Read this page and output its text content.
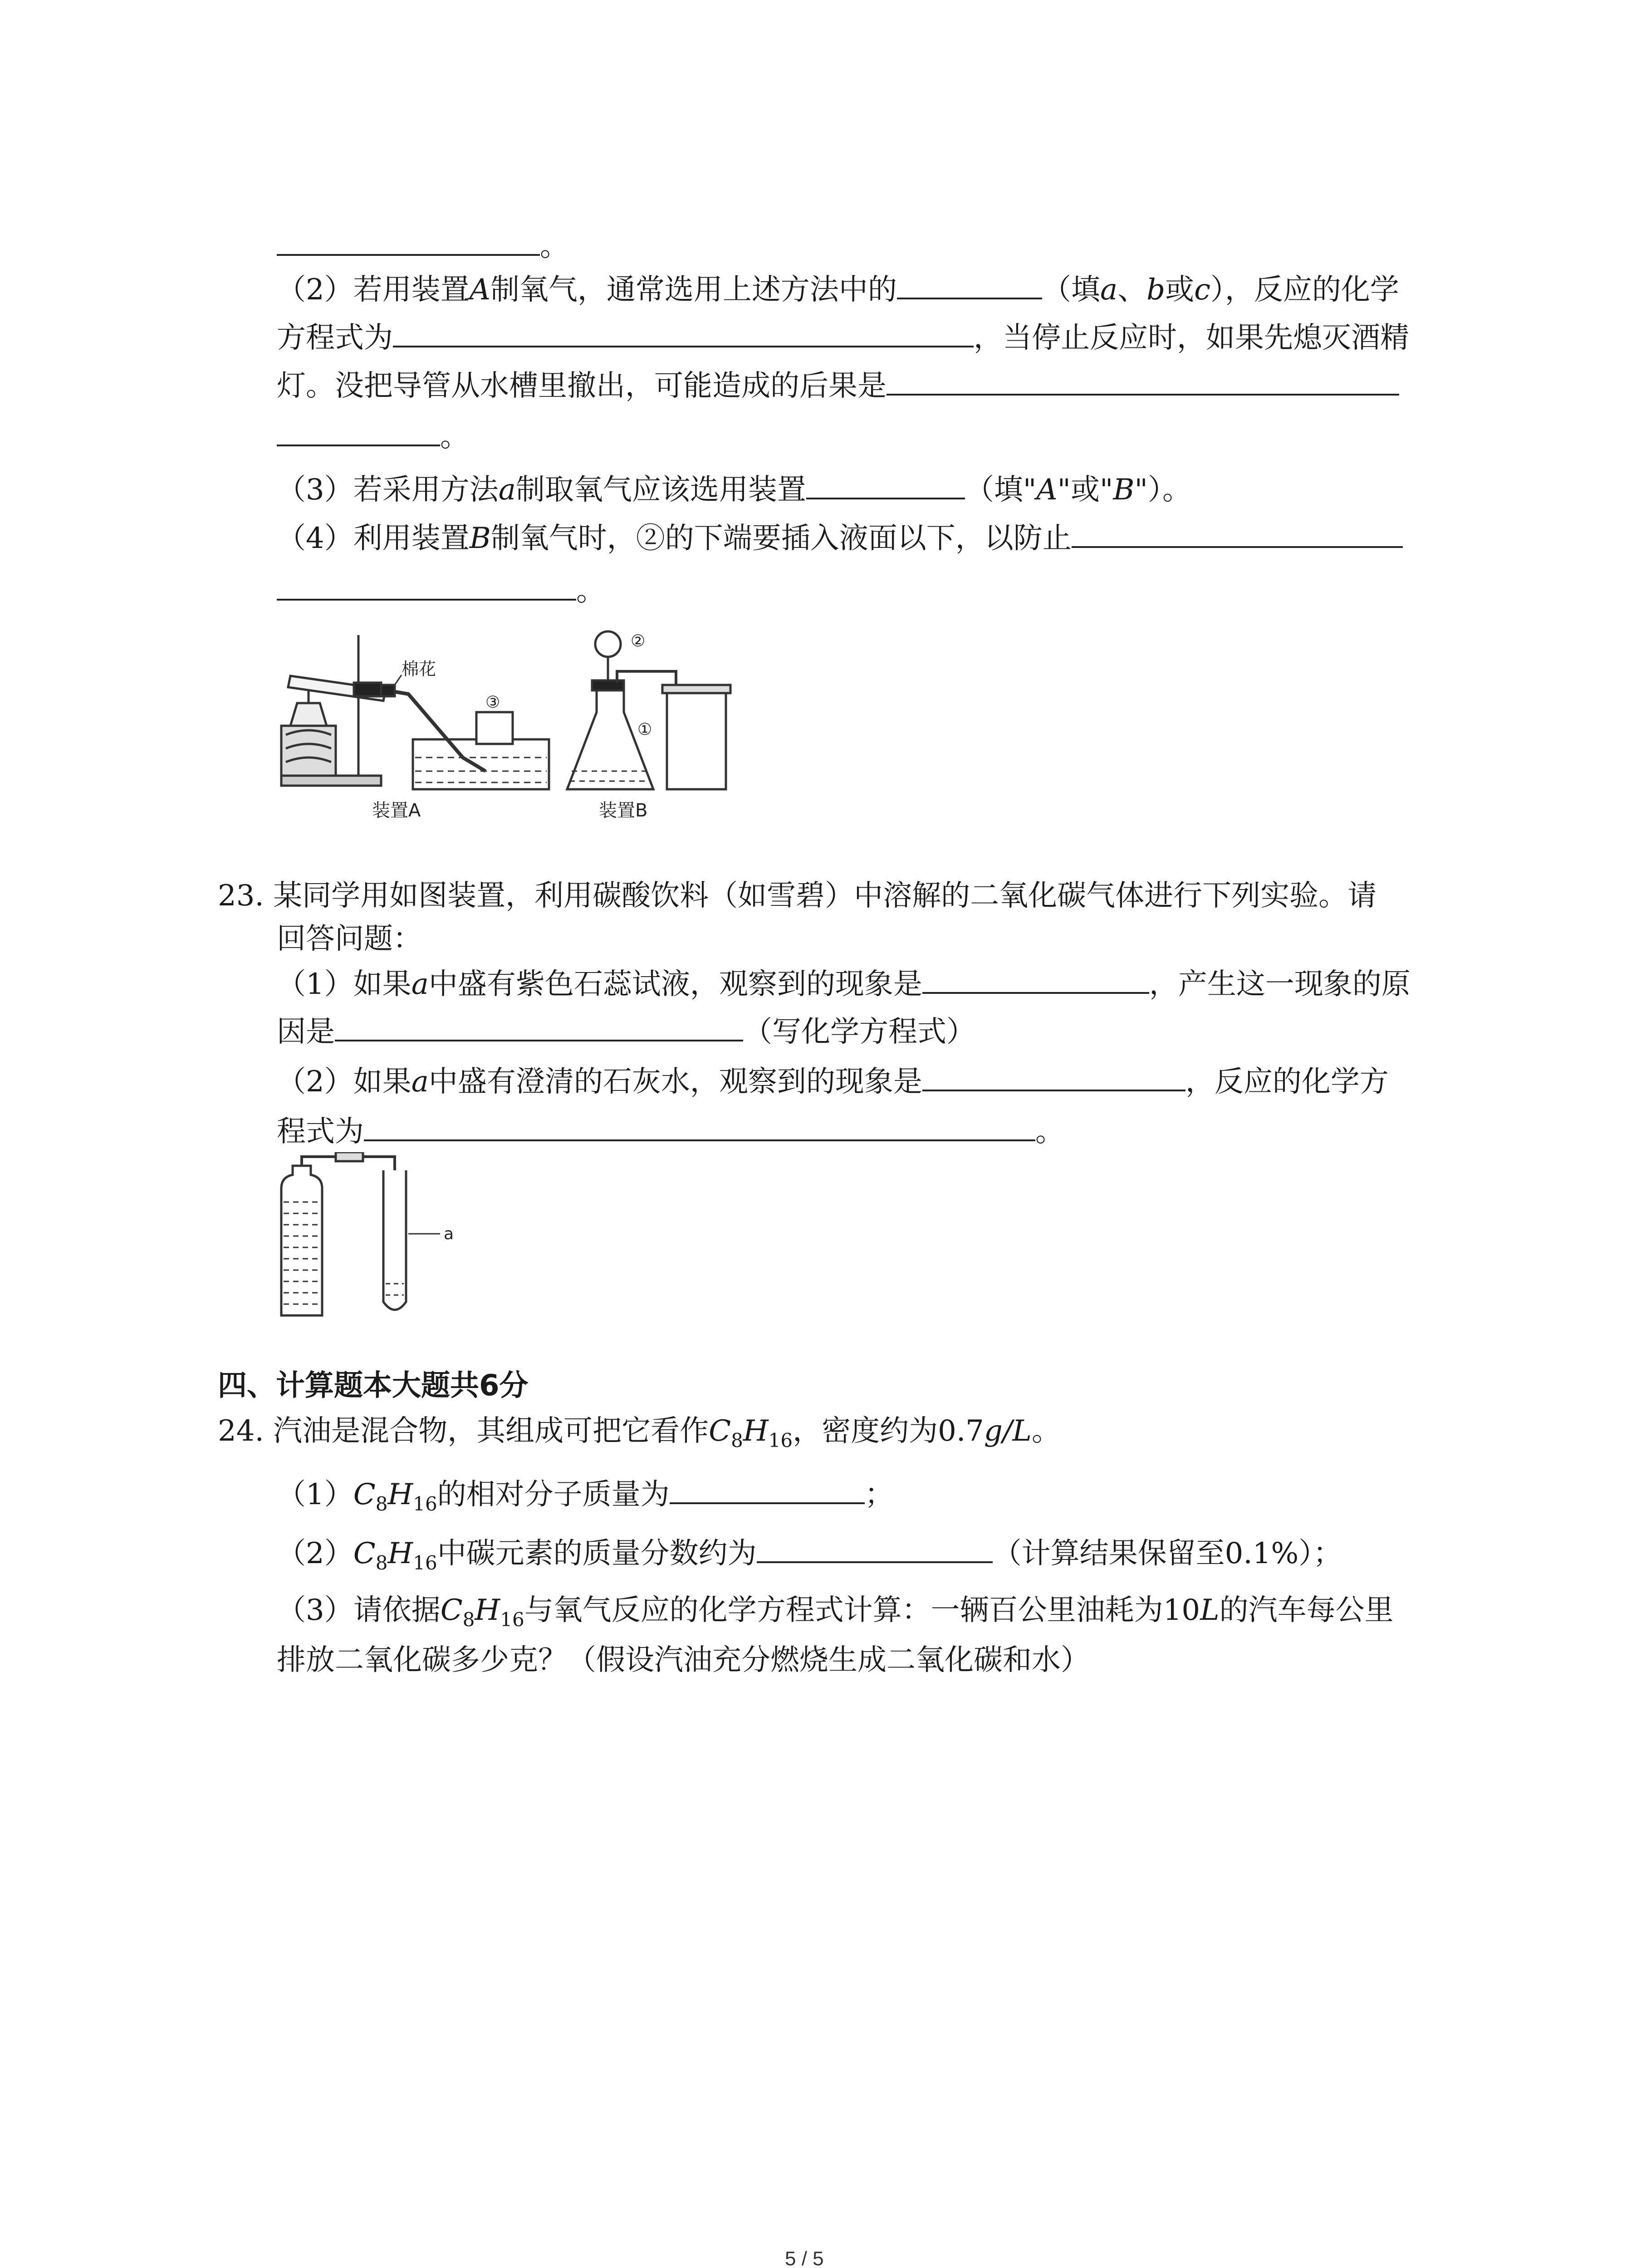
。
（2）若用装置A制氧气，通常选用上述方法中的	（填a、b或c），反应的化学
方程式为	，当停止反应时，如果先熄灭酒精
灯。没把导管从水槽里撤出，可能造成的后果是
。
（3）若采用方法a制取氧气应该选用装置	（填"A"或"B"）。
（4）利用装置B制氧气时，②的下端要插入液面以下，以防止
。
棉花
③
②
①
装置A	装置B
23. 某同学用如图装置，利用碳酸饮料（如雪碧）中溶解的二氧化碳气体进行下列实验。请
回答问题：
（1）如果a中盛有紫色石蕊试液，观察到的现象是	，产生这一现象的原
因是	（写化学方程式）
（2）如果a中盛有澄清的石灰水，观察到的现象是	，反应的化学方
程式为	。
a
四、计算题本大题共6分
24. 汽油是混合物，其组成可把它看作$C_8H_{16}$，密度约为0.7g/L。
$(1)C_8H_{16}$的相对分子质量为	；
$(2)C_8H_{16}$中碳元素的质量分数约为	（计算结果保留至0.1%）；
（3）请依据$C_8H_{16}$与氧气反应的化学方程式计算：一辆百公里油耗为10L的汽车每公里
排放二氧化碳多少克？（假设汽油充分燃烧生成二氧化碳和水）
5 / 5
